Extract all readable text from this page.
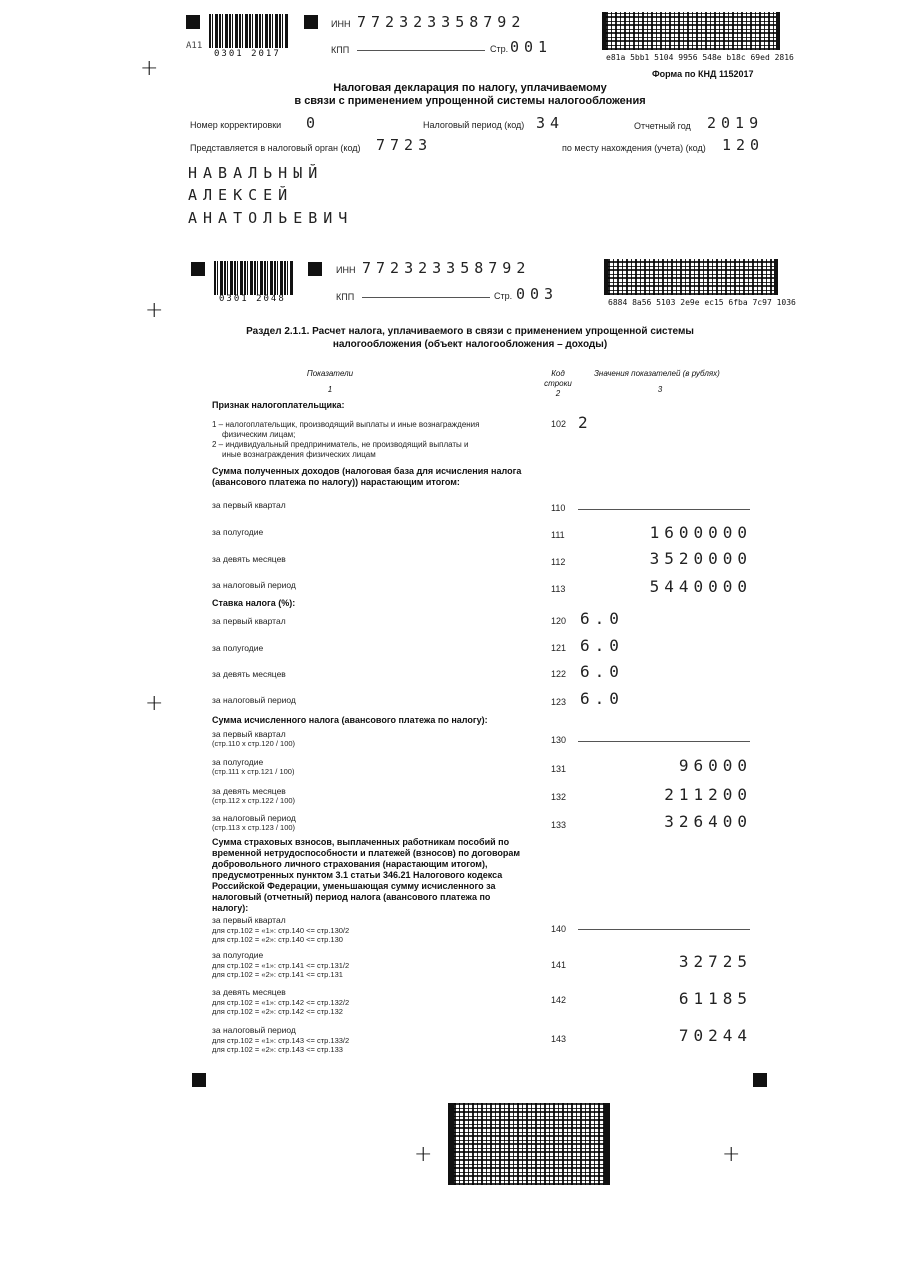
А11
0301 2017
ИНН 772323358792
КПП	Стр. 001
e81a 5bb1 5104 9956 548e b18c 69ed 2816
+	Форма по КНД 1152017
Налоговая декларация по налогу, уплачиваемому
в связи с применением упрощенной системы налогообложения
Номер корректировки 0	Налоговый период (код) 34	Отчетный год 2019
Представляется в налоговый орган (код) 7723	по месту нахождения (учета) (код) 120
НАВАЛЬНЫЙ
АЛЕКСЕЙ
АНАТОЛЬЕВИЧ
0301 2048
ИНН 772323358792
КПП	Стр. 003	6884 8a56 5103 2e9e ec15 6fba 7c97 1036
+
Раздел 2.1.1. Расчет налога, уплачиваемого в связи с применением упрощенной системы
налогообложения (объект налогообложения – доходы)
Показатели	Код
строки
2
Значения показателей (в рублях)
1	3
Признак налогоплательщика:
1 – налогоплательщик, производящий выплаты и иные вознаграждения
физическим лицам;
2 – индивидуальный предприниматель, не производящий выплаты и
иные вознаграждения физических лицам
102 2
Сумма полученных доходов (налоговая база для исчисления налога
(авансового платежа по налогу)) нарастающим итогом:
за первый квартал	110
за полугодие	111	1600000
за девять месяцев	112	3520000
за налоговый период	113	5440000
Ставка налога (%):
за первый квартал	120 6.0
за полугодие	121 6.0
за девять месяцев	122 6.0
за налоговый период	123 6.0
+
Сумма исчисленного налога (авансового платежа по налогу):
за первый квартал
(стр.110 х стр.120 / 100)	130
за полугодие
(стр.111 х стр.121 / 100)	131	96000
за девять месяцев
(стр.112 х стр.122 / 100)	132	211200
за налоговый период
(стр.113 х стр.123 / 100)	133	326400
Сумма страховых взносов, выплаченных работникам пособий по
временной нетрудоспособности и платежей (взносов) по договорам
добровольного личного страхования (нарастающим итогом),
предусмотренных пунктом 3.1 статьи 346.21 Налогового кодекса
Российской Федерации, уменьшающая сумму исчисленного за
налоговый (отчетный) период налога (авансового платежа по
налогу):
за первый квартал
для стр.102 = «1»: стр.140 <= стр.130/2
для стр.102 = «2»: стр.140 <= стр.130
140
за полугодие
для стр.102 = «1»: стр.141 <= стр.131/2
для стр.102 = «2»: стр.141 <= стр.131
141	32725
за девять месяцев
для стр.102 = «1»: стр.142 <= стр.132/2
для стр.102 = «2»: стр.142 <= стр.132
142	61185
за налоговый период
для стр.102 = «1»: стр.143 <= стр.133/2
для стр.102 = «2»: стр.143 <= стр.133
143	70244
+	+
